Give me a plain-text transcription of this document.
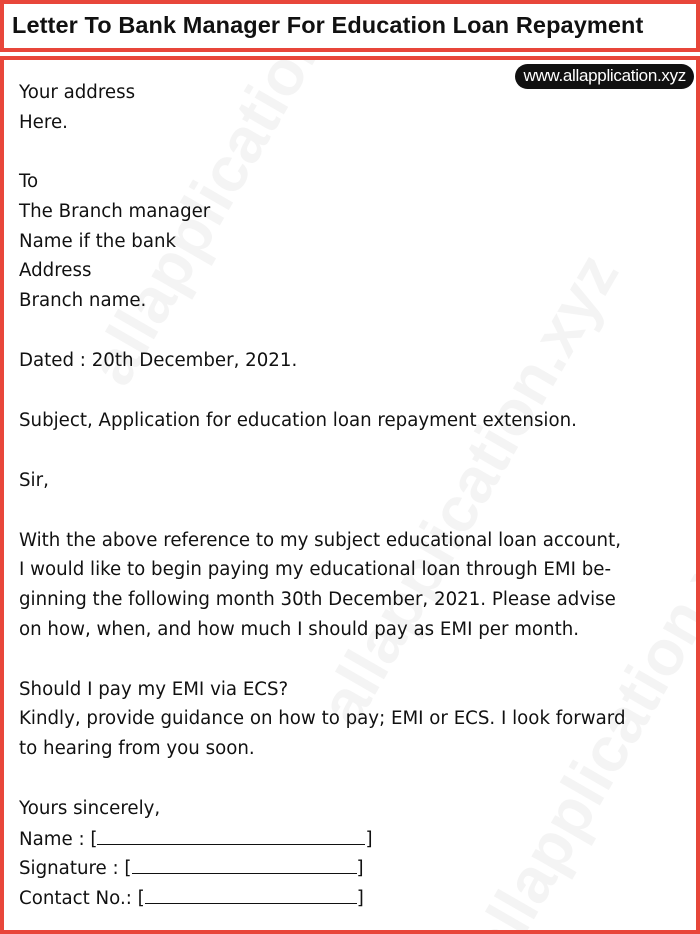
Letter To Bank Manager For Education Loan Repayment
www.allapplication.xyz
Your address
Here.
To
The Branch manager
Name if the bank
Address
Branch name.
Dated : 20th December, 2021.
Subject, Application for education loan repayment extension.
Sir,
With the above reference to my subject educational loan account,
I would like to begin paying my educational loan through EMI be-
ginning the following month 30th December, 2021. Please advise
on how, when, and how much I should pay as EMI per month.
Should I pay my EMI via ECS?
Kindly, provide guidance on how to pay; EMI or ECS. I look forward
to hearing from you soon.
Yours sincerely,
Name : [	]
Signature : [	]
Contact No.: [	]
